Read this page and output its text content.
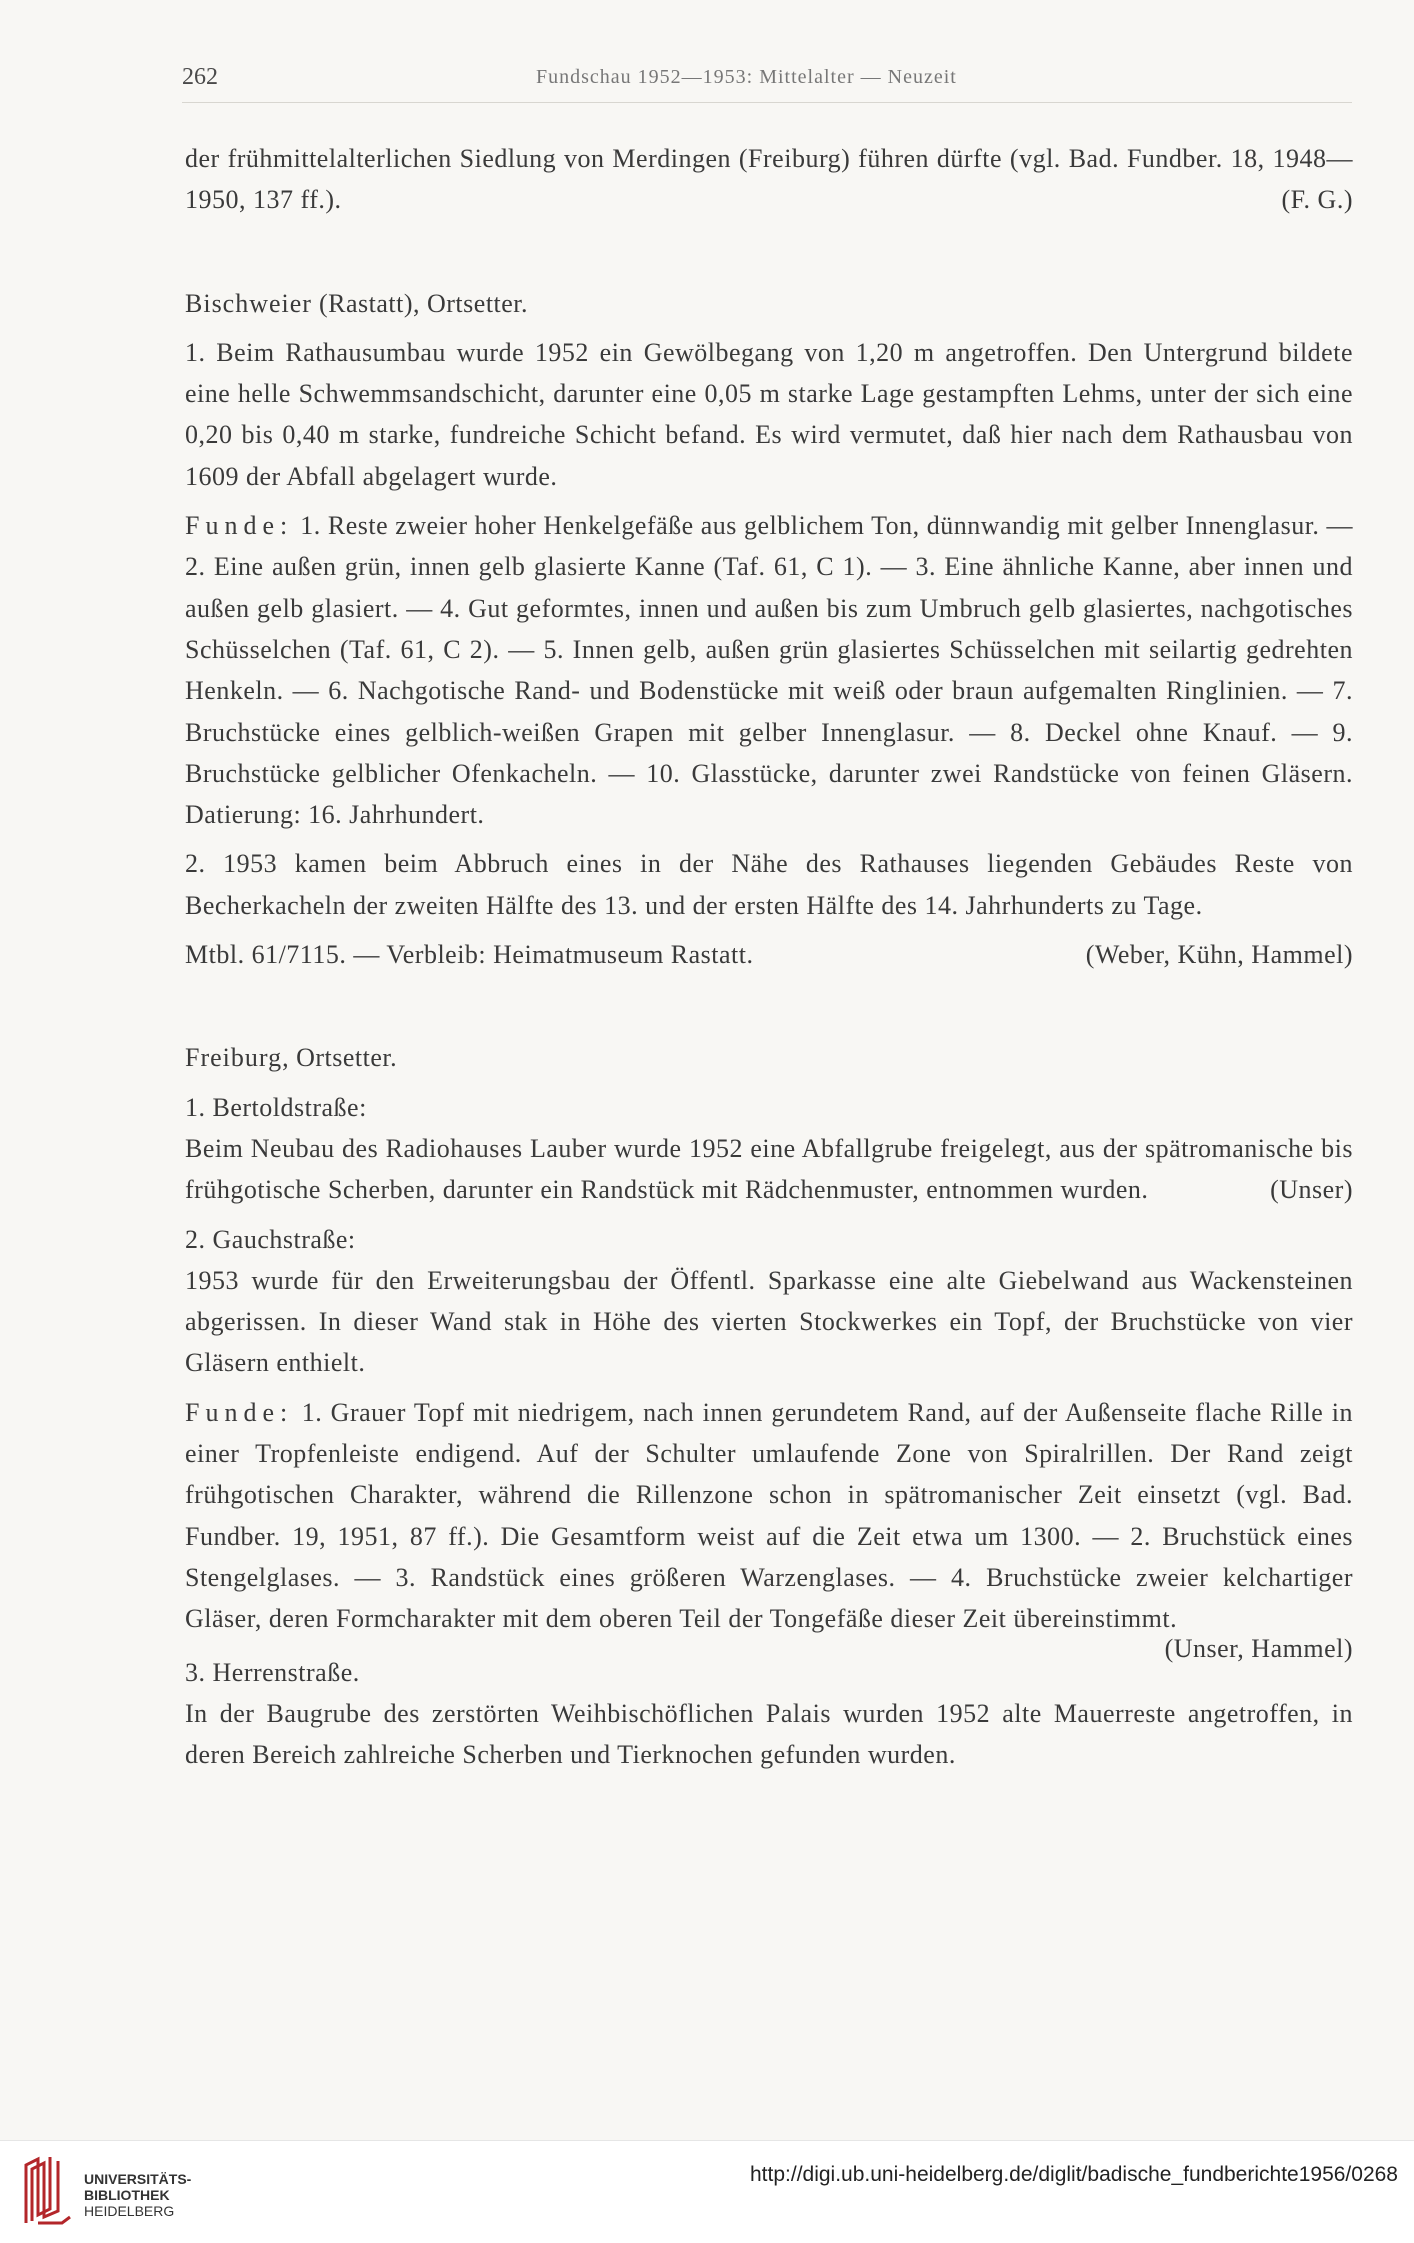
262	Fundschau 1952—1953: Mittelalter — Neuzeit

der frühmittelalterlichen Siedlung von Merdingen (Freiburg) führen dürfte (vgl. Bad. Fundber. 18, 1948—1950, 137 ff.).	(F. G.)

Bischweier (Rastatt), Ortsetter.

1. Beim Rathausumbau wurde 1952 ein Gewölbegang von 1,20 m angetroffen. Den Untergrund bildete eine helle Schwemmsandschicht, darunter eine 0,05 m starke Lage gestampften Lehms, unter der sich eine 0,20 bis 0,40 m starke, fundreiche Schicht befand. Es wird vermutet, daß hier nach dem Rathausbau von 1609 der Abfall abgelagert wurde.

Funde: 1. Reste zweier hoher Henkelgefäße aus gelblichem Ton, dünnwandig mit gelber Innenglasur. — 2. Eine außen grün, innen gelb glasierte Kanne (Taf. 61, C 1). — 3. Eine ähnliche Kanne, aber innen und außen gelb glasiert. — 4. Gut geformtes, innen und außen bis zum Umbruch gelb glasiertes, nachgotisches Schüsselchen (Taf. 61, C 2). — 5. Innen gelb, außen grün glasiertes Schüsselchen mit seilartig gedrehten Henkeln. — 6. Nachgotische Rand- und Bodenstücke mit weiß oder braun aufgemalten Ringlinien. — 7. Bruchstücke eines gelblich-weißen Grapen mit gelber Innenglasur. — 8. Deckel ohne Knauf. — 9. Bruchstücke gelblicher Ofenkacheln. — 10. Glasstücke, darunter zwei Randstücke von feinen Gläsern. Datierung: 16. Jahrhundert.

2. 1953 kamen beim Abbruch eines in der Nähe des Rathauses liegenden Gebäudes Reste von Becherkacheln der zweiten Hälfte des 13. und der ersten Hälfte des 14. Jahrhunderts zu Tage.

Mtbl. 61/7115. — Verbleib: Heimatmuseum Rastatt.	(Weber, Kühn, Hammel)

Freiburg, Ortsetter.

1. Bertoldstraße:

Beim Neubau des Radiohauses Lauber wurde 1952 eine Abfallgrube freigelegt, aus der spätromanische bis frühgotische Scherben, darunter ein Randstück mit Rädchenmuster, entnommen wurden.	(Unser)

2. Gauchstraße:

1953 wurde für den Erweiterungsbau der Öffentl. Sparkasse eine alte Giebelwand aus Wackensteinen abgerissen. In dieser Wand stak in Höhe des vierten Stockwerkes ein Topf, der Bruchstücke von vier Gläsern enthielt.

Funde: 1. Grauer Topf mit niedrigem, nach innen gerundetem Rand, auf der Außenseite flache Rille in einer Tropfenleiste endigend. Auf der Schulter umlaufende Zone von Spiralrillen. Der Rand zeigt frühgotischen Charakter, während die Rillenzone schon in spätromanischer Zeit einsetzt (vgl. Bad. Fundber. 19, 1951, 87 ff.). Die Gesamtform weist auf die Zeit etwa um 1300. — 2. Bruchstück eines Stengelglases. — 3. Randstück eines größeren Warzenglases. — 4. Bruchstücke zweier kelchartiger Gläser, deren Formcharakter mit dem oberen Teil der Tongefäße dieser Zeit übereinstimmt.

3. Herrenstraße.
(Unser, Hammel)

In der Baugrube des zerstörten Weihbischöflichen Palais wurden 1952 alte Mauerreste angetroffen, in deren Bereich zahlreiche Scherben und Tierknochen gefunden wurden.

UNIVERSITÄTS-
BIBLIOTHEK
HEIDELBERG
http://digi.ub.uni-heidelberg.de/diglit/badische_fundberichte1956/0268
